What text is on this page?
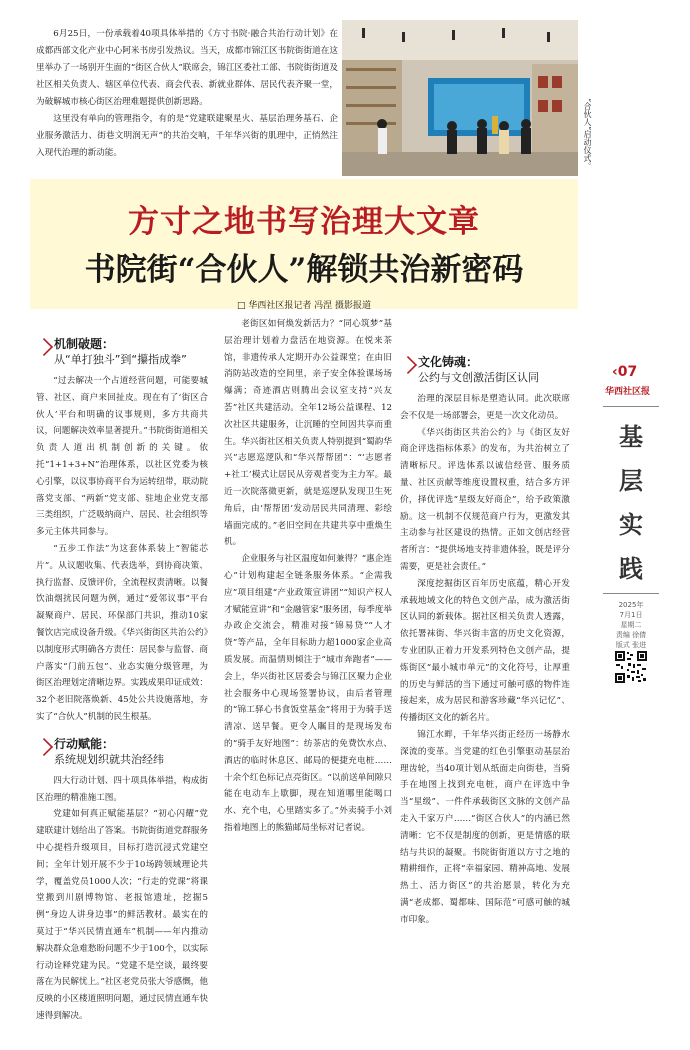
6月25日，一份承载着40项具体举措的《方寸书院·融合共治行动计划》在成都西部文化产业中心阿米书房引发热议。当天，成都市锦江区书院街街道在这里举办了一场别开生面的“街区合伙人”联席会，锦江区委社工部、书院街街道及社区相关负责人、辖区单位代表、商会代表、新就业群体、居民代表齐聚一堂，为破解城市核心街区治理难题提供创新思路。

这里没有单向的管理指令，有的是“党建联建聚星火、基层治理务基石、企业服务激活力、街巷文明润无声”的共治交响，千年华兴街的肌理中，正悄然注入现代治理的新动能。	“合伙人”启动仪式。
方寸之地书写治理大文章
书院街“合伙人”解锁共治新密码
□ 华西社区报记者 冯涅 摄影报道
机制破题：
从“单打独斗”到“攥指成拳”

“过去解决一个占道经营问题，可能要城管、社区、商户来回扯皮。现在有了‘街区合伙人’平台和明确的议事规则，多方共商共议，问题解决效率显著提升。”书院街街道相关负责人道出机制创新的关键。依托“1+1+3+N”治理体系，以社区党委为核心引擎，以议事协商平台为运转纽带，联动院落党支部、“两新”党支部、驻地企业党支部三类组织，广泛吸纳商户、居民、社会组织等多元主体共同参与。

“五步工作法”为这套体系装上“智能芯片”。从议题收集、代表选举，到协商决策、执行监督、反馈评价，全流程权责清晰。以餐饮油烟扰民问题为例，通过“爱邻议事”平台凝聚商户、居民、环保部门共识，推动10家餐饮店完成设备升级。《华兴街街区共治公约》以制度形式明确各方责任：居民参与监督、商户落实“门前五包”、业态实施分级管理，为街区治理划定清晰边界。实践成果印证成效：32个老旧院落焕新、45处公共设施落地，夯实了“合伙人”机制的民生根基。

行动赋能：
系统规划织就共治经纬

四大行动计划、四十项具体举措，构成街区治理的精准施工图。

党建如何真正赋能基层？“初心闪耀”党建联建计划给出了答案。书院街街道党群服务中心提档升级项目，目标打造沉浸式党建空间；全年计划开展不少于10场跨领域理论共学，覆盖党员1000人次；“行走的党课”将课堂搬到川剧博物馆、老报馆遗址，挖掘5例“身边人讲身边事”的鲜活教材。最实在的莫过于“华兴民情直通车”机制——年内推动解决群众急难愁盼问题不少于100个，以实际行动诠释党建为民。“党建不是空谈，最终要落在为民解忧上。”社区老党员张大爷感慨，他反映的小区楼道照明问题，通过民情直通车快速得到解决。

老街区如何焕发新活力？“同心筑梦”基层治理计划着力盘活在地资源。在悦来茶馆，非遗传承人定期开办公益课堂；在由旧消防站改造的空间里，亲子安全体验课场场爆满；奇迹酒店则腾出会议室支持“兴友荟”社区共建活动。全年12场公益课程、12次社区共建服务，让沉睡的空间因共享而重生。华兴街社区相关负责人特别提到“蜀韵华兴”志愿巡逻队和“华兴帮帮团”：“‘志愿者+社工’模式让居民从旁观者变为主力军。最近一次院落微更新，就是巡逻队发现卫生死角后，由‘帮帮团’发动居民共同清理、彩绘墙面完成的。”老旧空间在共建共享中重焕生机。

企业服务与社区温度如何兼得？“惠企连心”计划构建起全链条服务体系。“企需我应”项目组建“产业政策宣讲团”“知识产权人才赋能宣讲”和“金融管家”服务团，每季度举办政企交流会，精准对接“锦易贷”“人才贷”等产品，全年目标助力超1000家企业高质发展。而温情则倾注于“城市奔跑者”——会上，华兴街社区居委会与锦江区聚力企业社会服务中心现场签署协议，由后者管理的“锦工驿心书食饭堂基金”将用于为骑手送清凉、送早餐。更令人瞩目的是现场发布的“骑手友好地图”：纺茶店的免费饮水点、酒店的临时休息区、邮局的便捷充电桩……十余个红色标记点亮街区。“以前送单间隙只能在电动车上歇脚，现在知道哪里能喝口水、充个电，心里踏实多了。”外卖骑手小刘指着地图上的熊猫邮局坐标对记者说。

文化铸魂：
公约与文创激活街区认同

治理的深层目标是塑造认同。此次联席会不仅是一场部署会，更是一次文化动员。

《华兴街街区共治公约》与《街区友好商企评选指标体系》的发布，为共治树立了清晰标尺。评选体系以诚信经营、服务质量、社区贡献等维度设置权重，结合多方评价，择优评选“星级友好商企”，给予政策激励。这一机制不仅规范商户行为，更激发其主动参与社区建设的热情。正如文创店经营者所言：“提供场地支持非遗体验，既是评分需要，更是社会责任。”

深度挖掘街区百年历史底蕴，精心开发承载地域文化的特色文创产品，成为激活街区认同的新载体。据社区相关负责人透露，依托署袜街、华兴街丰富的历史文化资源，专业团队正着力开发系列特色文创产品，提炼街区“最小城市单元”的文化符号，让厚重的历史与鲜活的当下通过可触可感的物件连接起来，成为居民和游客珍藏“华兴记忆”、传播街区文化的新名片。

锦江水畔，千年华兴街正经历一场静水深流的变革。当党建的红色引擎驱动基层治理齿轮，当40项计划从纸面走向街巷，当骑手在地图上找到充电桩，商户在评选中争当“星级”、一件件承载街区文脉的文创产品走入千家万户……“街区合伙人”的内涵已然清晰：它不仅是制度的创新，更是情感的联结与共识的凝聚。书院街街道以方寸之地的精耕细作，正将“幸福家园、精神高地、发展热土、活力街区”的共治愿景，转化为充满“老成都、蜀都味、国际范”可感可触的城市印象。

‹07
华西社区报
基
层
实
践
2025年
7月1日
星期二
责编 徐倩
版式 张进
